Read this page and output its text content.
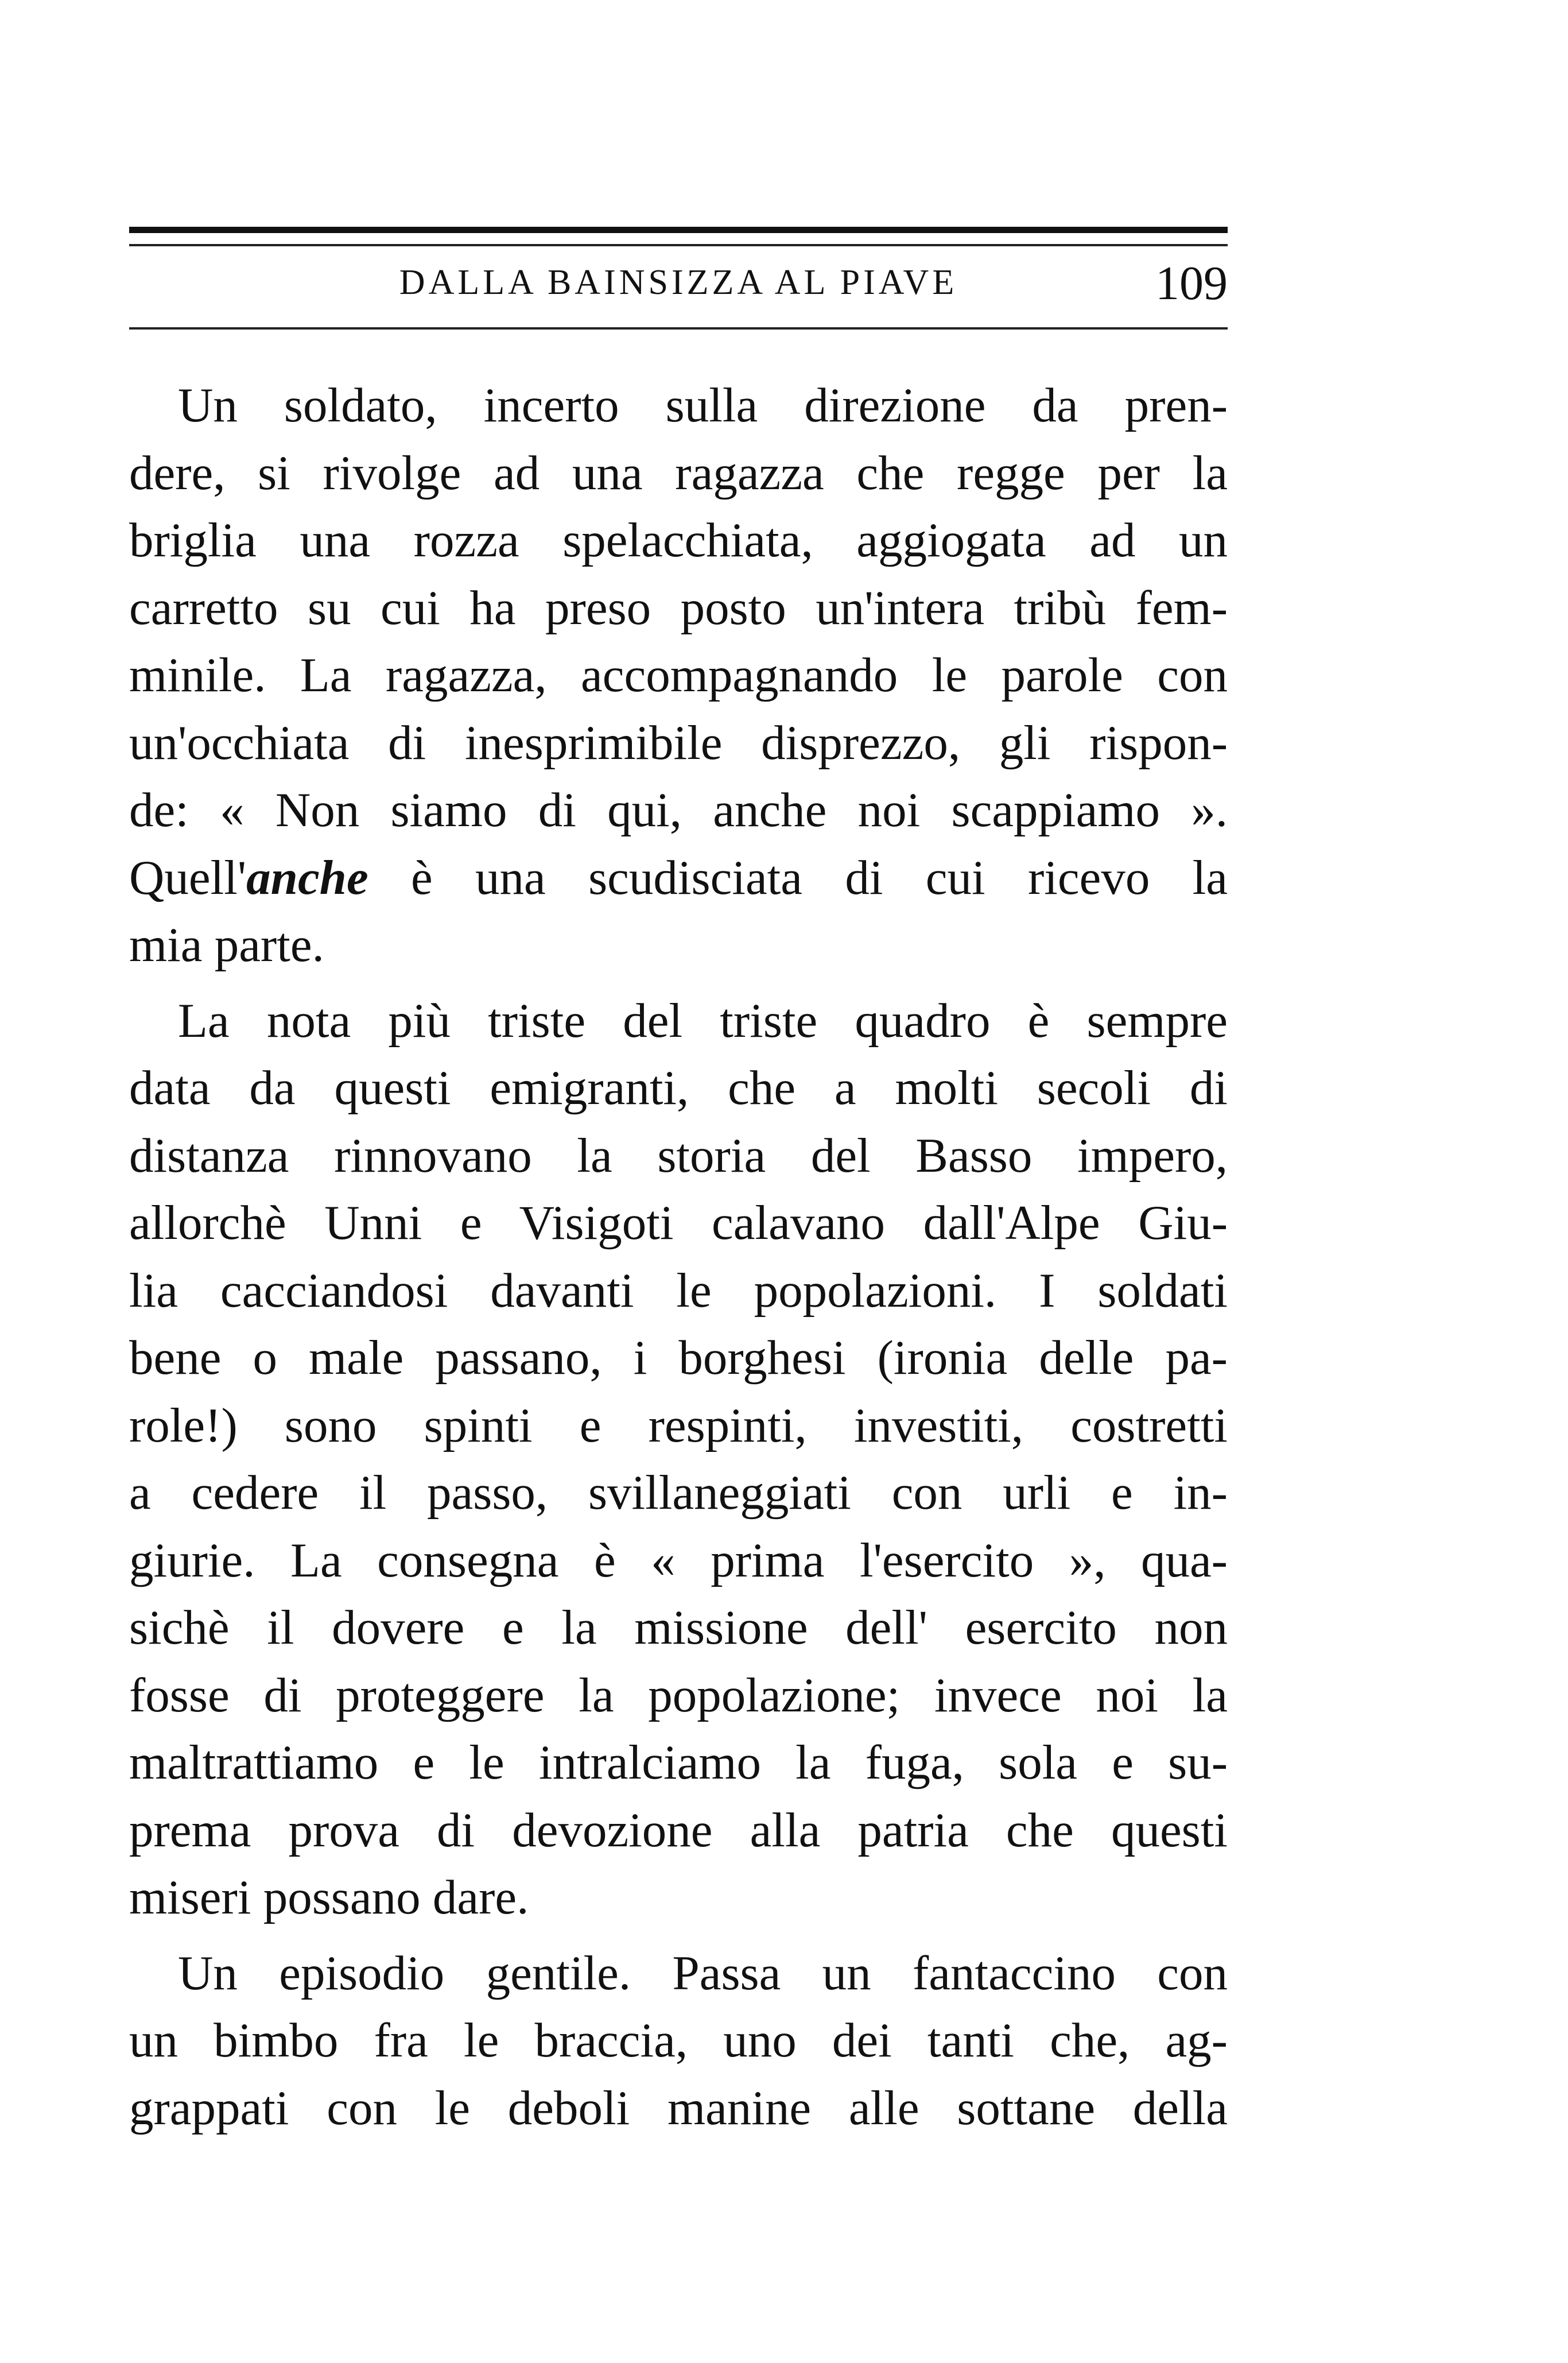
DALLA BAINSIZZA AL PIAVE	109
Un soldato, incerto sulla direzione da pren-
dere, si rivolge ad una ragazza che regge per la
briglia una rozza spelacchiata, aggiogata ad un
carretto su cui ha preso posto un'intera tribù fem-
minile. La ragazza, accompagnando le parole con
un'occhiata di inesprimibile disprezzo, gli rispon-
de: « Non siamo di qui, anche noi scappiamo ».
Quell'anche è una scudisciata di cui ricevo la
mia parte.
La nota più triste del triste quadro è sempre
data da questi emigranti, che a molti secoli di
distanza rinnovano la storia del Basso impero,
allorchè Unni e Visigoti calavano dall'Alpe Giu-
lia cacciandosi davanti le popolazioni. I soldati
bene o male passano, i borghesi (ironia delle pa-
role!) sono spinti e respinti, investiti, costretti
a cedere il passo, svillaneggiati con urli e in-
giurie. La consegna è « prima l'esercito », qua-
sichè il dovere e la missione dell' esercito non
fosse di proteggere la popolazione; invece noi la
maltrattiamo e le intralciamo la fuga, sola e su-
prema prova di devozione alla patria che questi
miseri possano dare.
Un episodio gentile. Passa un fantaccino con
un bimbo fra le braccia, uno dei tanti che, ag-
grappati con le deboli manine alle sottane della
